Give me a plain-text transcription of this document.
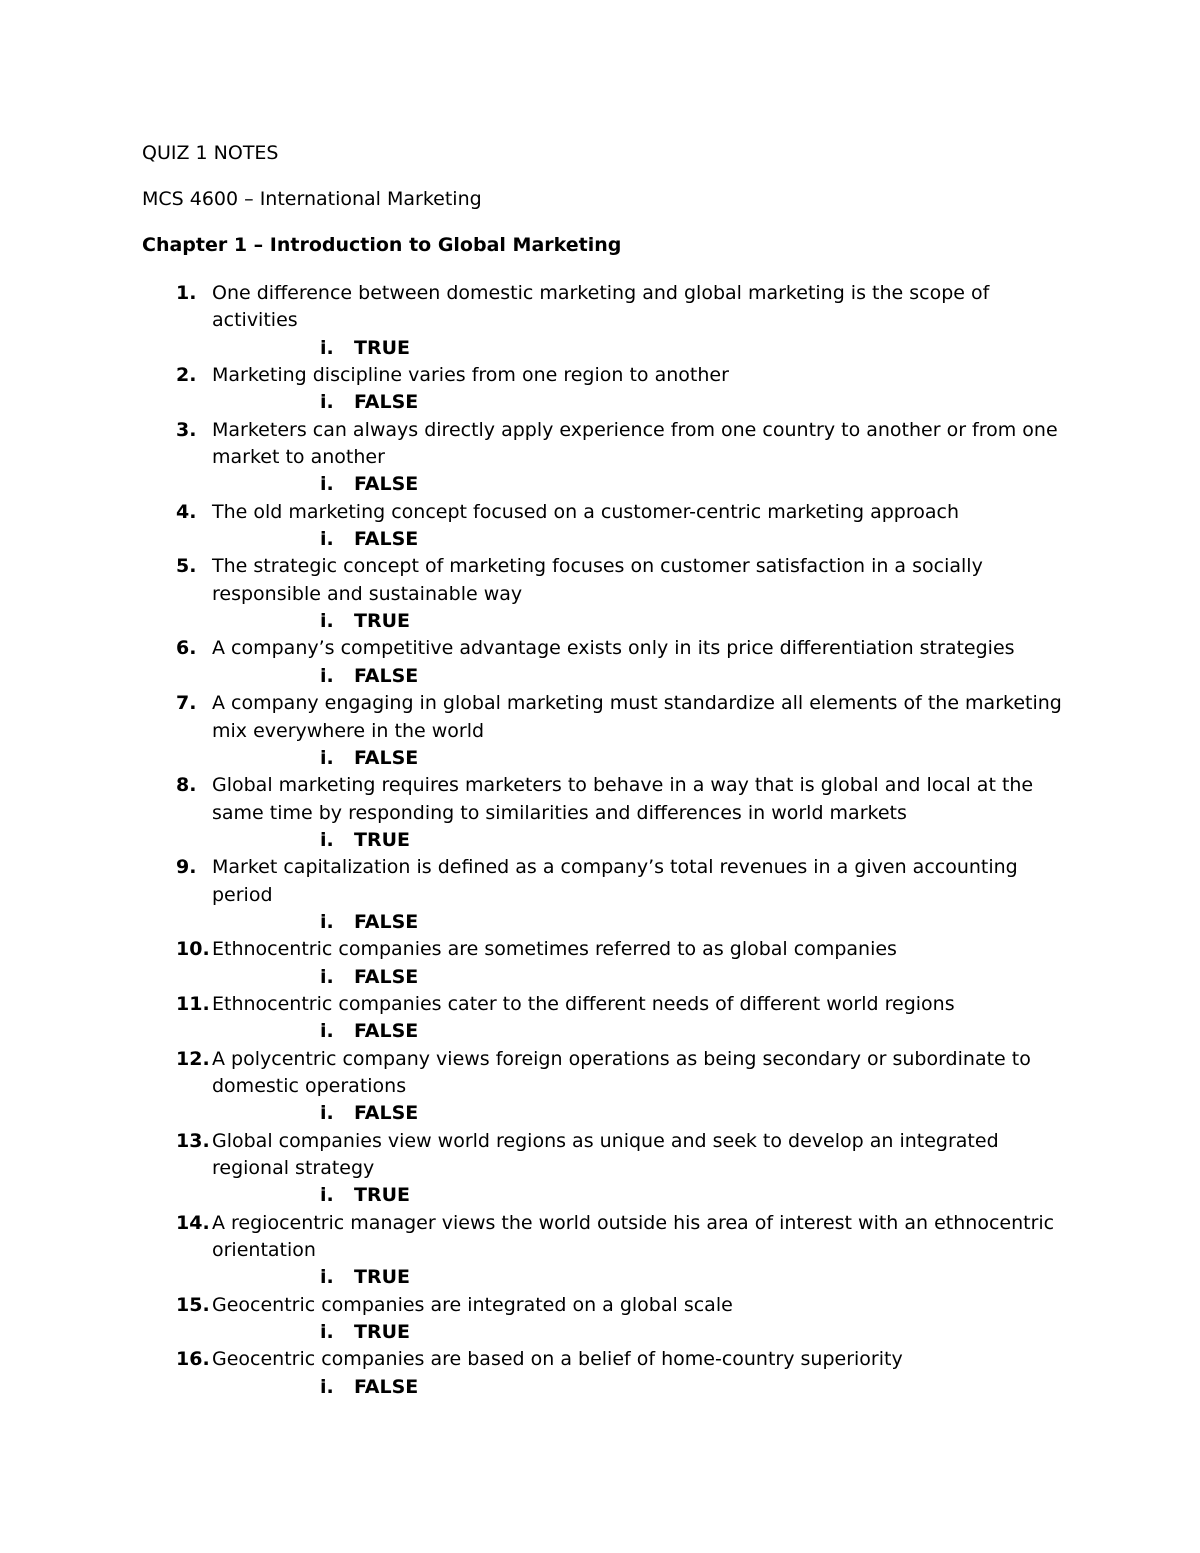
QUIZ 1 NOTES

MCS 4600 – International Marketing

Chapter 1 – Introduction to Global Marketing
1. One difference between domestic marketing and global marketing is the scope of activities
i. TRUE
2. Marketing discipline varies from one region to another
i. FALSE
3. Marketers can always directly apply experience from one country to another or from one market to another
i. FALSE
4. The old marketing concept focused on a customer-centric marketing approach
i. FALSE
5. The strategic concept of marketing focuses on customer satisfaction in a socially responsible and sustainable way
i. TRUE
6. A company’s competitive advantage exists only in its price differentiation strategies
i. FALSE
7. A company engaging in global marketing must standardize all elements of the marketing mix everywhere in the world
i. FALSE
8. Global marketing requires marketers to behave in a way that is global and local at the same time by responding to similarities and differences in world markets
i. TRUE
9. Market capitalization is defined as a company’s total revenues in a given accounting period
i. FALSE
10. Ethnocentric companies are sometimes referred to as global companies
i. FALSE
11. Ethnocentric companies cater to the different needs of different world regions
i. FALSE
12. A polycentric company views foreign operations as being secondary or subordinate to domestic operations
i. FALSE
13. Global companies view world regions as unique and seek to develop an integrated regional strategy
i. TRUE
14. A regiocentric manager views the world outside his area of interest with an ethnocentric orientation
i. TRUE
15. Geocentric companies are integrated on a global scale
i. TRUE
16. Geocentric companies are based on a belief of home-country superiority
i. FALSE
